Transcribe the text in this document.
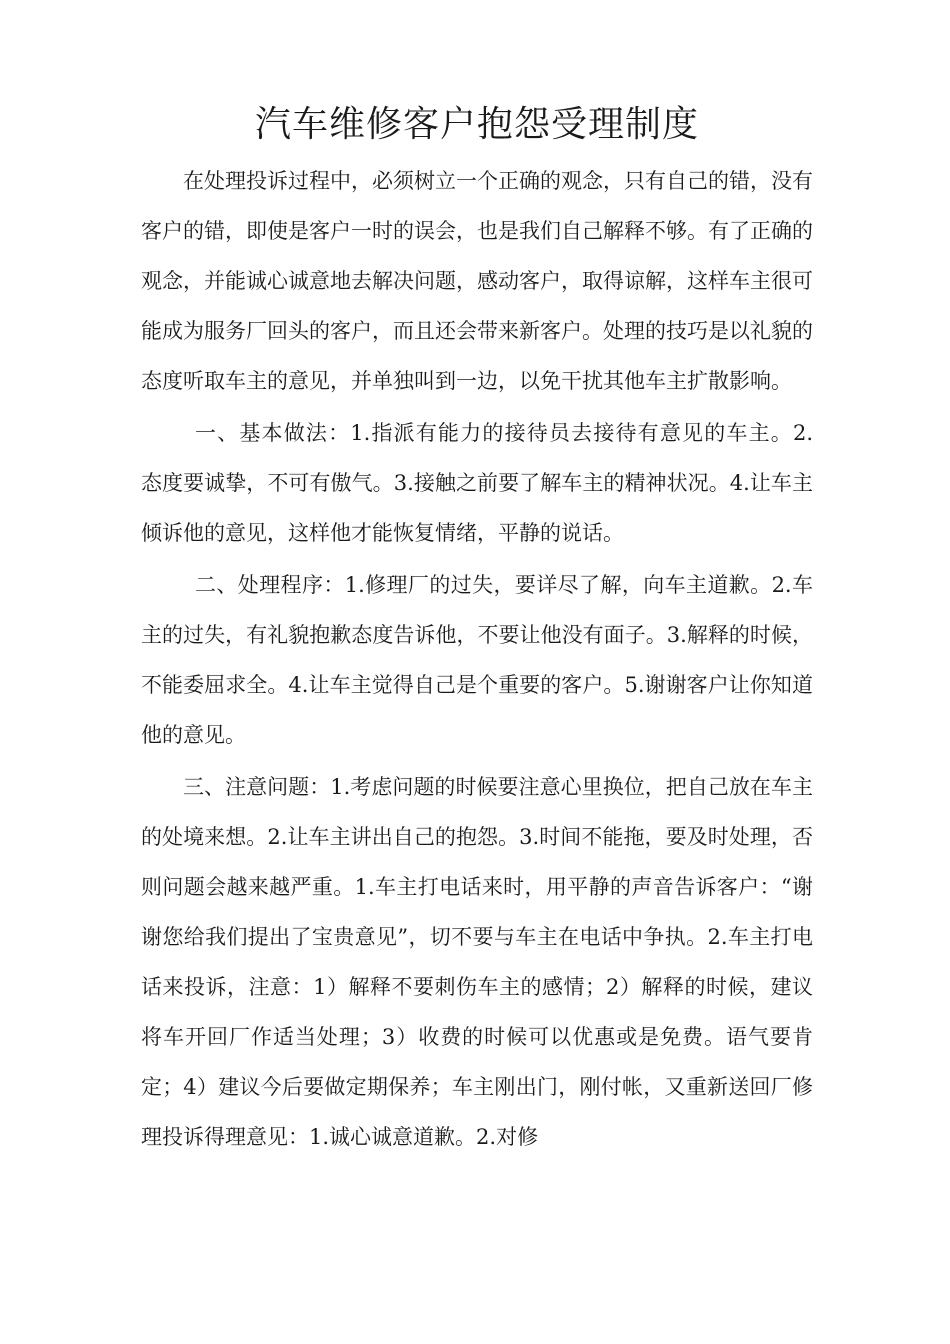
汽车维修客户抱怨受理制度

在处理投诉过程中，必须树立一个正确的观念，只有自己的错，没有客户的错，即使是客户一时的误会，也是我们自己解释不够。有了正确的观念，并能诚心诚意地去解决问题，感动客户，取得谅解，这样车主很可能成为服务厂回头的客户，而且还会带来新客户。处理的技巧是以礼貌的态度听取车主的意见，并单独叫到一边，以免干扰其他车主扩散影响。

一、基本做法：1.指派有能力的接待员去接待有意见的车主。2.　态度要诚挚，不可有傲气。3.接触之前要了解车主的精神状况。4.让车主倾诉他的意见，这样他才能恢复情绪，平静的说话。

二、处理程序：1.修理厂的过失，要详尽了解，向车主道歉。2.车主的过失，有礼貌抱歉态度告诉他，不要让他没有面子。3.解释的时候，不能委屈求全。4.让车主觉得自己是个重要的客户。5.谢谢客户让你知道他的意见。

三、注意问题：1.考虑问题的时候要注意心里换位，把自己放在车主的处境来想。2.让车主讲出自己的抱怨。3.时间不能拖，要及时处理，否则问题会越来越严重。1.车主打电话来时，用平静的声音告诉客户：“谢谢您给我们提出了宝贵意见”，切不要与车主在电话中争执。2.车主打电话来投诉，注意：1）解释不要刺伤车主的感情；2）解释的时候，建议将车开回厂作适当处理；3）收费的时候可以优惠或是免费。语气要肯定；4）建议今后要做定期保养；车主刚出门，刚付帐，又重新送回厂修理投诉得理意见：1.诚心诚意道歉。2.对修
